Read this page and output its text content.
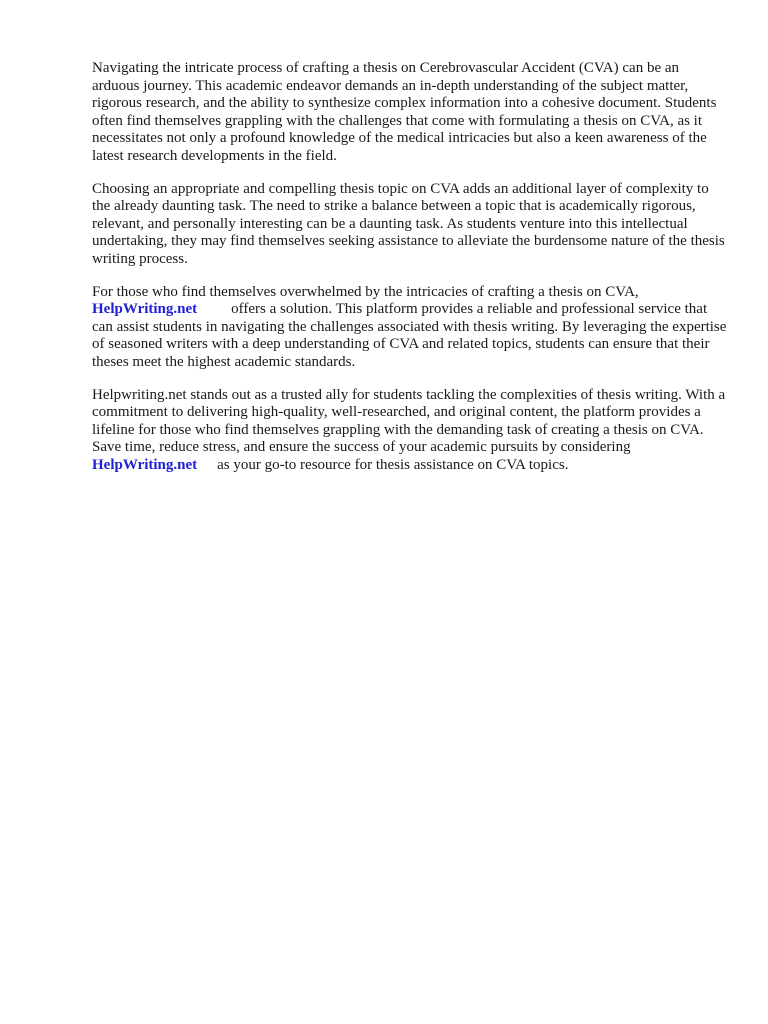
Navigating the intricate process of crafting a thesis on Cerebrovascular Accident (CVA) can be an arduous journey. This academic endeavor demands an in-depth understanding of the subject matter, rigorous research, and the ability to synthesize complex information into a cohesive document. Students often find themselves grappling with the challenges that come with formulating a thesis on CVA, as it necessitates not only a profound knowledge of the medical intricacies but also a keen awareness of the latest research developments in the field.

Choosing an appropriate and compelling thesis topic on CVA adds an additional layer of complexity to the already daunting task. The need to strike a balance between a topic that is academically rigorous, relevant, and personally interesting can be a daunting task. As students venture into this intellectual undertaking, they may find themselves seeking assistance to alleviate the burdensome nature of the thesis writing process.

For those who find themselves overwhelmed by the intricacies of crafting a thesis on CVA,
HelpWriting.net offers a solution. This platform provides a reliable and professional service that can assist students in navigating the challenges associated with thesis writing. By leveraging the expertise of seasoned writers with a deep understanding of CVA and related topics, students can ensure that their theses meet the highest academic standards.

Helpwriting.net stands out as a trusted ally for students tackling the complexities of thesis writing. With a commitment to delivering high-quality, well-researched, and original content, the platform provides a lifeline for those who find themselves grappling with the demanding task of creating a thesis on CVA. Save time, reduce stress, and ensure the success of your academic pursuits by consideringHelpWriting.net as your go-to resource for thesis assistance on CVA topics.
